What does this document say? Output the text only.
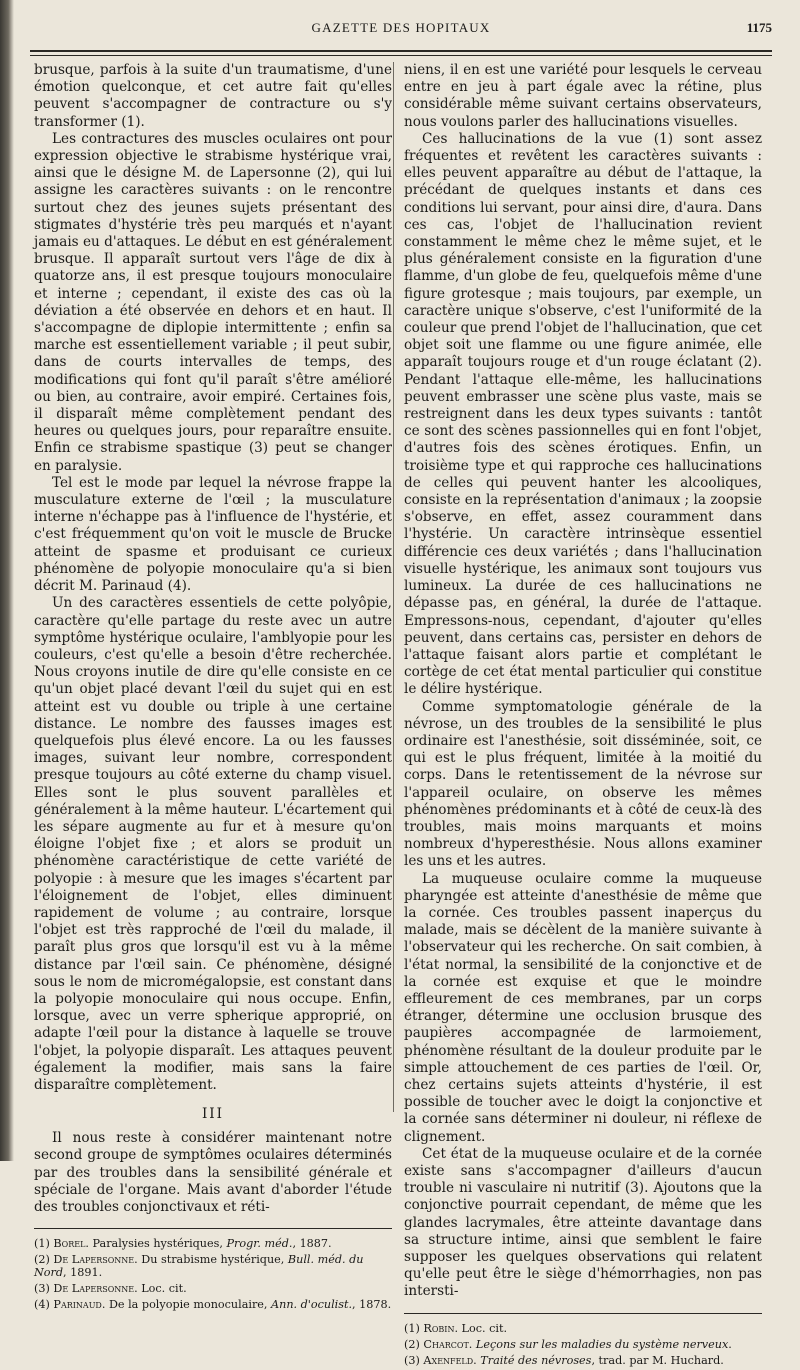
GAZETTE DES HOPITAUX	1175

brusque, parfois à la suite d'un traumatisme, d'une émotion quelconque, et cet autre fait qu'elles peuvent s'accompagner de contracture ou s'y transformer (1).

Les contractures des muscles oculaires ont pour expression objective le strabisme hystérique vrai, ainsi que le désigne M. de Lapersonne (2), qui lui assigne les caractères suivants : on le rencontre surtout chez des jeunes sujets présentant des stigmates d'hystérie très peu marqués et n'ayant jamais eu d'attaques. Le début en est généralement brusque. Il apparaît surtout vers l'âge de dix à quatorze ans, il est presque toujours monoculaire et interne ; cependant, il existe des cas où la déviation a été observée en dehors et en haut. Il s'accompagne de diplopie intermittente ; enfin sa marche est essentiellement variable ; il peut subir, dans de courts intervalles de temps, des modifications qui font qu'il paraît s'être amélioré ou bien, au contraire, avoir empiré. Certaines fois, il disparaît même complètement pendant des heures ou quelques jours, pour reparaître ensuite. Enfin ce strabisme spastique (3) peut se changer en paralysie.

Tel est le mode par lequel la névrose frappe la musculature externe de l'œil ; la musculature interne n'échappe pas à l'influence de l'hystérie, et c'est fréquemment qu'on voit le muscle de Brucke atteint de spasme et produisant ce curieux phénomène de polyopie monoculaire qu'a si bien décrit M. Parinaud (4).

Un des caractères essentiels de cette polyôpie, caractère qu'elle partage du reste avec un autre symptôme hystérique oculaire, l'amblyopie pour les couleurs, c'est qu'elle a besoin d'être recherchée. Nous croyons inutile de dire qu'elle consiste en ce qu'un objet placé devant l'œil du sujet qui en est atteint est vu double ou triple à une certaine distance. Le nombre des fausses images est quelquefois plus élevé encore. La ou les fausses images, suivant leur nombre, correspondent presque toujours au côté externe du champ visuel. Elles sont le plus souvent parallèles et généralement à la même hauteur. L'écartement qui les sépare augmente au fur et à mesure qu'on éloigne l'objet fixe ; et alors se produit un phénomène caractéristique de cette variété de polyopie : à mesure que les images s'écartent par l'éloignement de l'objet, elles diminuent rapidement de volume ; au contraire, lorsque l'objet est très rapproché de l'œil du malade, il paraît plus gros que lorsqu'il est vu à la même distance par l'œil sain. Ce phénomène, désigné sous le nom de micromégalopsie, est constant dans la polyopie monoculaire qui nous occupe. Enfin, lorsque, avec un verre spherique approprié, on adapte l'œil pour la distance à laquelle se trouve l'objet, la polyopie disparaît. Les attaques peuvent également la modifier, mais sans la faire disparaître complètement.

III

Il nous reste à considérer maintenant notre second groupe de symptômes oculaires déterminés par des troubles dans la sensibilité générale et spéciale de l'organe. Mais avant d'aborder l'étude des troubles conjonctivaux et réti-

(1) Borel. Paralysies hystériques, Progr. méd., 1887.
(2) De Lapersonne. Du strabisme hystérique, Bull. méd. du Nord, 1891.
(3) De Lapersonne. Loc. cit.
(4) Parinaud. De la polyopie monoculaire, Ann. d'oculist., 1878.

niens, il en est une variété pour lesquels le cerveau entre en jeu à part égale avec la rétine, plus considérable même suivant certains observateurs, nous voulons parler des hallucinations visuelles.

Ces hallucinations de la vue (1) sont assez fréquentes et revêtent les caractères suivants : elles peuvent apparaître au début de l'attaque, la précédant de quelques instants et dans ces conditions lui servant, pour ainsi dire, d'aura. Dans ces cas, l'objet de l'hallucination revient constamment le même chez le même sujet, et le plus généralement consiste en la figuration d'une flamme, d'un globe de feu, quelquefois même d'une figure grotesque ; mais toujours, par exemple, un caractère unique s'observe, c'est l'uniformité de la couleur que prend l'objet de l'hallucination, que cet objet soit une flamme ou une figure animée, elle apparaît toujours rouge et d'un rouge éclatant (2). Pendant l'attaque elle-même, les hallucinations peuvent embrasser une scène plus vaste, mais se restreignent dans les deux types suivants : tantôt ce sont des scènes passionnelles qui en font l'objet, d'autres fois des scènes érotiques. Enfin, un troisième type et qui rapproche ces hallucinations de celles qui peuvent hanter les alcooliques, consiste en la représentation d'animaux ; la zoopsie s'observe, en effet, assez couramment dans l'hystérie. Un caractère intrinsèque essentiel différencie ces deux variétés ; dans l'hallucination visuelle hystérique, les animaux sont toujours vus lumineux. La durée de ces hallucinations ne dépasse pas, en général, la durée de l'attaque. Empressons-nous, cependant, d'ajouter qu'elles peuvent, dans certains cas, persister en dehors de l'attaque faisant alors partie et complétant le cortège de cet état mental particulier qui constitue le délire hystérique.

Comme symptomatologie générale de la névrose, un des troubles de la sensibilité le plus ordinaire est l'anesthésie, soit disséminée, soit, ce qui est le plus fréquent, limitée à la moitié du corps. Dans le retentissement de la névrose sur l'appareil oculaire, on observe les mêmes phénomènes prédominants et à côté de ceux-là des troubles, mais moins marquants et moins nombreux d'hyperesthésie. Nous allons examiner les uns et les autres.

La muqueuse oculaire comme la muqueuse pharyngée est atteinte d'anesthésie de même que la cornée. Ces troubles passent inaperçus du malade, mais se décèlent de la manière suivante à l'observateur qui les recherche. On sait combien, à l'état normal, la sensibilité de la conjonctive et de la cornée est exquise et que le moindre effleurement de ces membranes, par un corps étranger, détermine une occlusion brusque des paupières accompagnée de larmoiement, phénomène résultant de la douleur produite par le simple attouchement de ces parties de l'œil. Or, chez certains sujets atteints d'hystérie, il est possible de toucher avec le doigt la conjonctive et la cornée sans déterminer ni douleur, ni réflexe de clignement.

Cet état de la muqueuse oculaire et de la cornée existe sans s'accompagner d'ailleurs d'aucun trouble ni vasculaire ni nutritif (3). Ajoutons que la conjonctive pourrait cependant, de même que les glandes lacrymales, être atteinte davantage dans sa structure intime, ainsi que semblent le faire supposer les quelques observations qui relatent qu'elle peut être le siège d'hémorrhagies, non pas intersti-

(1) Robin. Loc. cit.
(2) Charcot. Leçons sur les maladies du système nerveux.
(3) Axenfeld. Traité des névroses, trad. par M. Huchard.
